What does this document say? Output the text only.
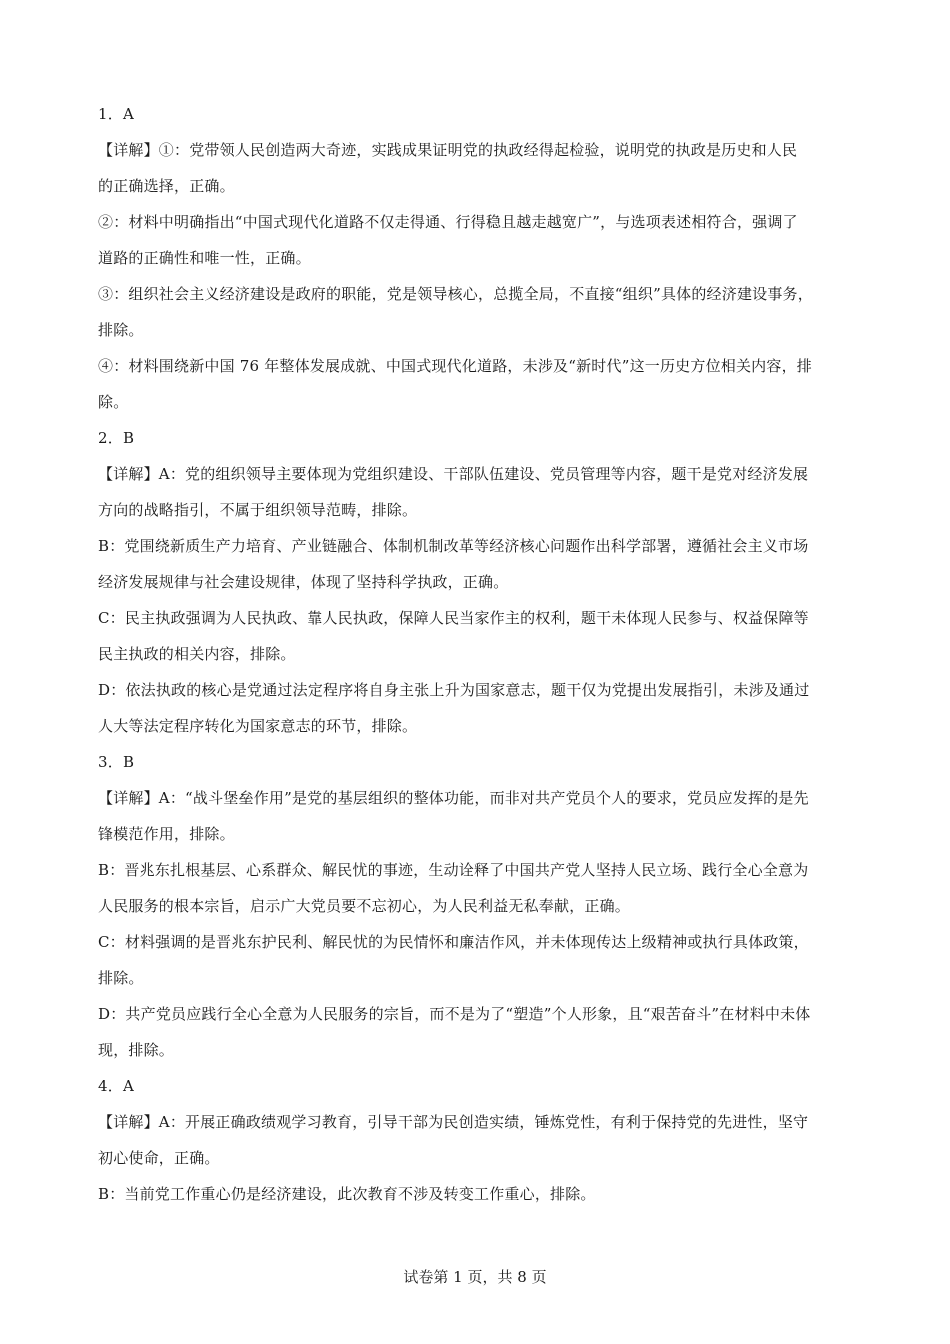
1．A
【详解】①：党带领人民创造两大奇迹，实践成果证明党的执政经得起检验，说明党的执政是历史和人民
的正确选择，正确。
②：材料中明确指出“中国式现代化道路不仅走得通、行得稳且越走越宽广”，与选项表述相符合，强调了
道路的正确性和唯一性，正确。
③：组织社会主义经济建设是政府的职能，党是领导核心，总揽全局，不直接“组织”具体的经济建设事务，
排除。
④：材料围绕新中国 76 年整体发展成就、中国式现代化道路，未涉及“新时代”这一历史方位相关内容，排
除。
2．B
【详解】A：党的组织领导主要体现为党组织建设、干部队伍建设、党员管理等内容，题干是党对经济发展
方向的战略指引，不属于组织领导范畴，排除。
B：党围绕新质生产力培育、产业链融合、体制机制改革等经济核心问题作出科学部署，遵循社会主义市场
经济发展规律与社会建设规律，体现了坚持科学执政，正确。
C：民主执政强调为人民执政、靠人民执政，保障人民当家作主的权利，题干未体现人民参与、权益保障等
民主执政的相关内容，排除。
D：依法执政的核心是党通过法定程序将自身主张上升为国家意志，题干仅为党提出发展指引，未涉及通过
人大等法定程序转化为国家意志的环节，排除。
3．B
【详解】A：“战斗堡垒作用”是党的基层组织的整体功能，而非对共产党员个人的要求，党员应发挥的是先
锋模范作用，排除。
B：晋兆东扎根基层、心系群众、解民忧的事迹，生动诠释了中国共产党人坚持人民立场、践行全心全意为
人民服务的根本宗旨，启示广大党员要不忘初心，为人民利益无私奉献，正确。
C：材料强调的是晋兆东护民利、解民忧的为民情怀和廉洁作风，并未体现传达上级精神或执行具体政策，
排除。
D：共产党员应践行全心全意为人民服务的宗旨，而不是为了“塑造”个人形象，且“艰苦奋斗”在材料中未体
现，排除。
4．A
【详解】A：开展正确政绩观学习教育，引导干部为民创造实绩，锤炼党性，有利于保持党的先进性，坚守
初心使命，正确。
B：当前党工作重心仍是经济建设，此次教育不涉及转变工作重心，排除。
试卷第 1 页，共 8 页
